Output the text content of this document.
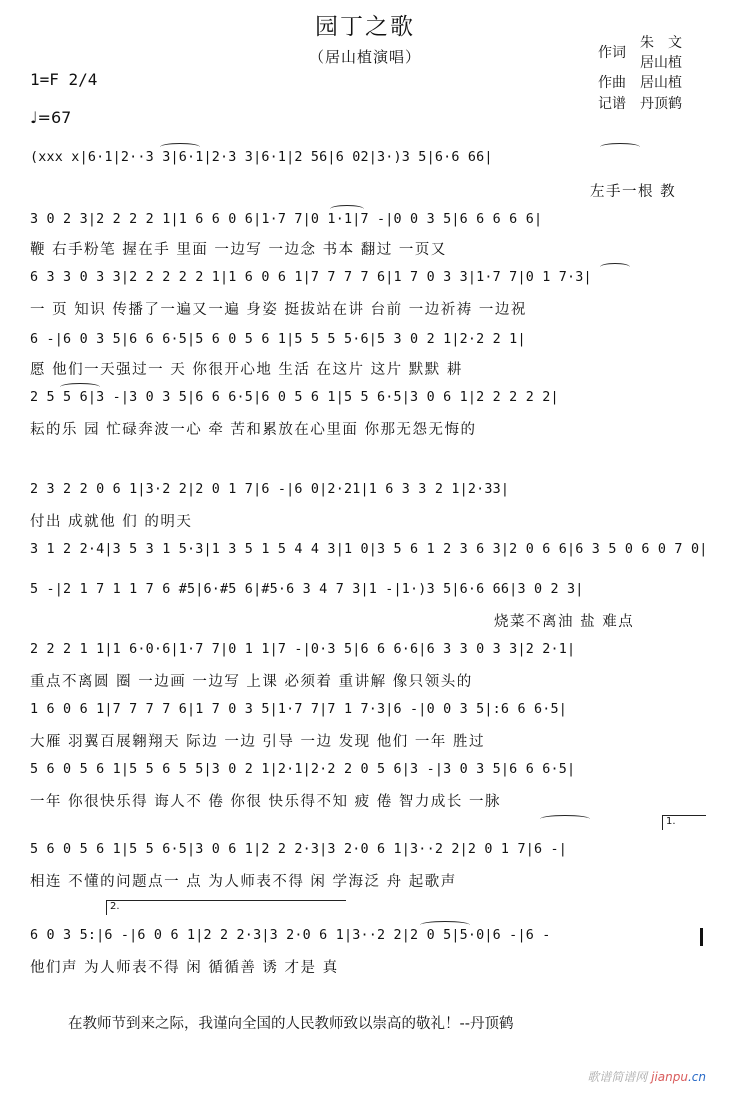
园丁之歌
（居山植演唱）	作词
朱　文
居山植
作曲 居山植
记谱 丹顶鹤
1=F 2/4
♩=67
(xxx x|6·1|2··3 3|6·1|2·3 3|6·1|2 56|6 02|3·)3 5|6·6 66|
左手一根 教
3 0 2 3|2 2 2 2 1|1 6 6 0 6|1·7 7|0 1·1|7 -|0 0 3 5|6 6 6 6 6|
鞭 右手粉笔 握在手 里面 一边写 一边念 书本 翻过 一页又
6 3 3 0 3 3|2 2 2 2 2 1|1 6 0 6 1|7 7 7 7 6|1 7 0 3 3|1·7 7|0 1 7·3|
一 页 知识 传播了一遍又一遍 身姿 挺拔站在讲 台前 一边祈祷 一边祝
6 -|6 0 3 5|6 6 6·5|5 6 0 5 6 1|5 5 5 5·6|5 3 0 2 1|2·2 2 1|
愿 他们一天强过一 天 你很开心地 生活 在这片 这片 默默 耕
2 5 5 6|3 -|3 0 3 5|6 6 6·5|6 0 5 6 1|5 5 6·5|3 0 6 1|2 2 2 2 2|
耘的乐 园 忙碌奔波一心 牵 苦和累放在心里面 你那无怨无悔的
2 3 2 2 0 6 1|3·2 2|2 0 1 7|6 -|6 0|2·21|1 6 3 3 2 1|2·33|
付出 成就他 们 的明天
3 1 2 2·4|3 5 3 1 5·3|1 3 5 1 5 4 4 3|1 0|3 5 6 1 2 3 6 3|2 0 6 6|6 3 5 0 6 0 7 0|
5 -|2 1 7 1 1 7 6 #5|6·#5 6|#5·6 3 4 7 3|1 -|1·)3 5|6·6 66|3 0 2 3|
烧菜不离油 盐 难点
2 2 2 1 1|1 6·0·6|1·7 7|0 1 1|7 -|0·3 5|6 6 6·6|6 3 3 0 3 3|2 2·1|
重点不离圆 圈 一边画 一边写 上课 必须着 重讲解 像只领头的
1 6 0 6 1|7 7 7 7 6|1 7 0 3 5|1·7 7|7 1 7·3|6 -|0 0 3 5|:6 6 6·5|
大雁 羽翼百展翱翔天 际边 一边 引导 一边 发现 他们 一年 胜过
5 6 0 5 6 1|5 5 6 5 5|3 0 2 1|2·1|2·2 2 0 5 6|3 -|3 0 3 5|6 6 6·5|
一年 你很快乐得 诲人不 倦 你很 快乐得不知 疲 倦 智力成长 一脉
1.
5 6 0 5 6 1|5 5 6·5|3 0 6 1|2 2 2·3|3 2·0 6 1|3··2 2|2 0 1 7|6 -|
相连 不懂的问题点一 点 为人师表不得 闲 学海泛 舟 起歌声
2.
6 0 3 5:|6 -|6 0 6 1|2 2 2·3|3 2·0 6 1|3··2 2|2 0 5|5·0|6 -|6 -
他们声 为人师表不得 闲 循循善 诱 才是 真
在教师节到来之际，我谨向全国的人民教师致以崇高的敬礼！--丹顶鹤
歌谱简谱网 jianpu.cn
